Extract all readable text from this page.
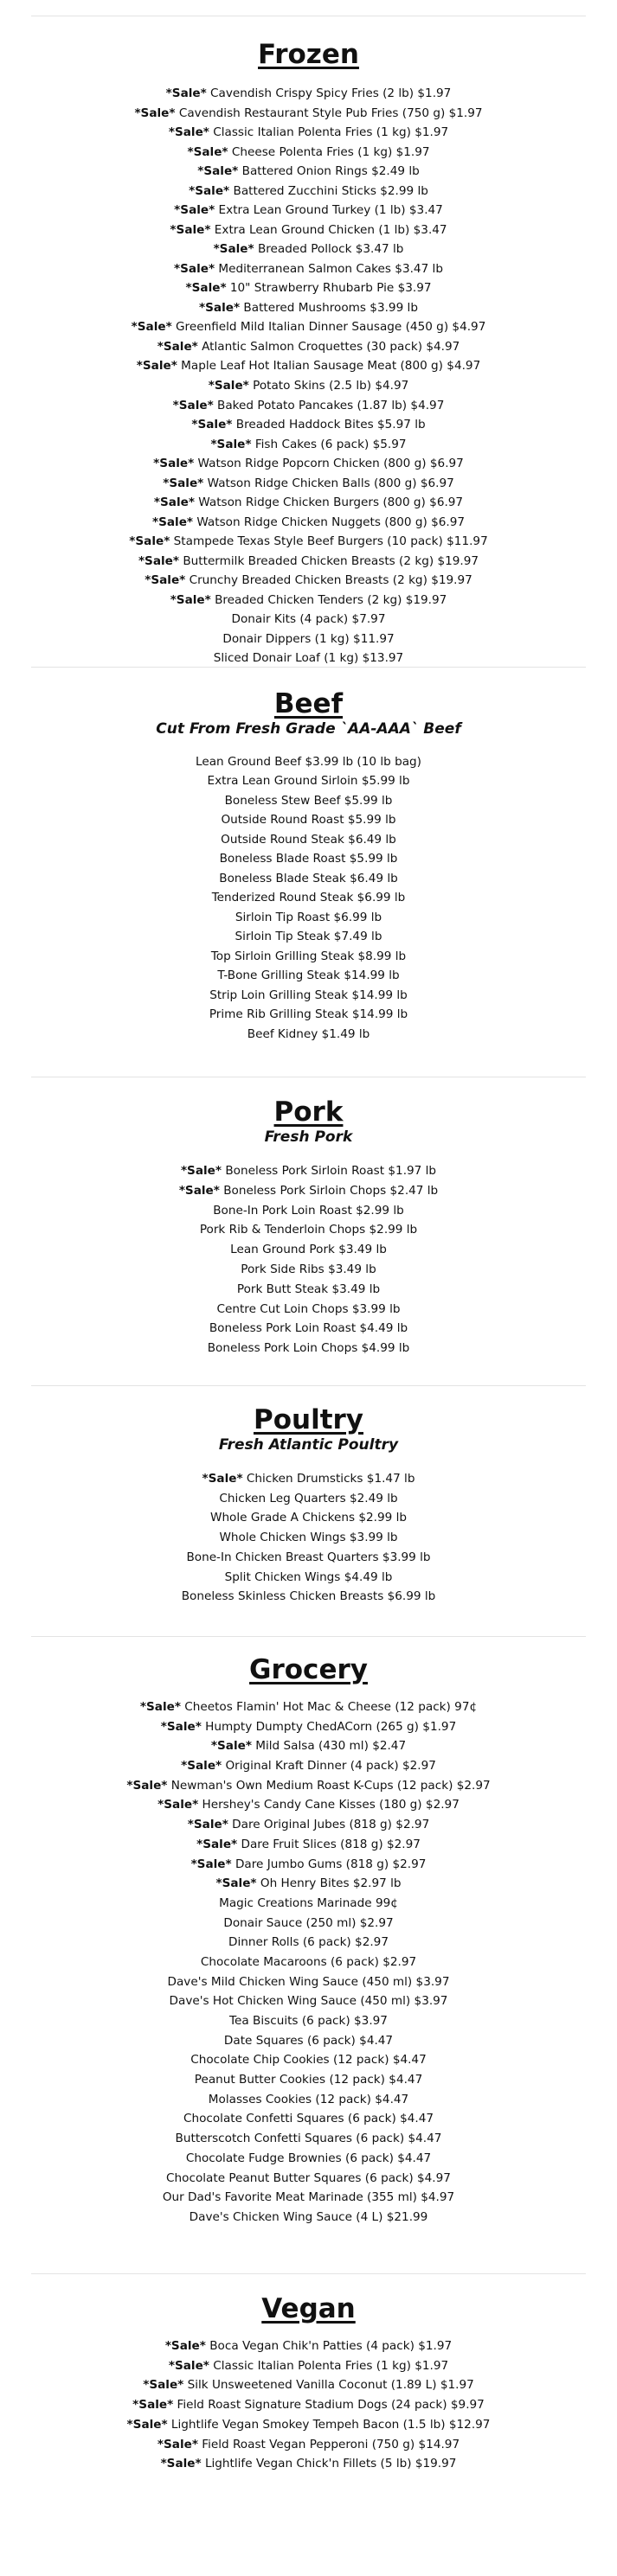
Frozen
*Sale* Cavendish Crispy Spicy Fries (2 lb) $1.97
*Sale* Cavendish Restaurant Style Pub Fries (750 g) $1.97
*Sale* Classic Italian Polenta Fries (1 kg) $1.97
*Sale* Cheese Polenta Fries (1 kg) $1.97
*Sale* Battered Onion Rings $2.49 lb
*Sale* Battered Zucchini Sticks $2.99 lb
*Sale* Extra Lean Ground Turkey (1 lb) $3.47
*Sale* Extra Lean Ground Chicken (1 lb) $3.47
*Sale* Breaded Pollock $3.47 lb
*Sale* Mediterranean Salmon Cakes $3.47 lb
*Sale* 10" Strawberry Rhubarb Pie $3.97
*Sale* Battered Mushrooms $3.99 lb
*Sale* Greenfield Mild Italian Dinner Sausage (450 g) $4.97
*Sale* Atlantic Salmon Croquettes (30 pack) $4.97
*Sale* Maple Leaf Hot Italian Sausage Meat (800 g) $4.97
*Sale* Potato Skins (2.5 lb) $4.97
*Sale* Baked Potato Pancakes (1.87 lb) $4.97
*Sale* Breaded Haddock Bites $5.97 lb
*Sale* Fish Cakes (6 pack) $5.97
*Sale* Watson Ridge Popcorn Chicken (800 g) $6.97
*Sale* Watson Ridge Chicken Balls (800 g) $6.97
*Sale* Watson Ridge Chicken Burgers (800 g) $6.97
*Sale* Watson Ridge Chicken Nuggets (800 g) $6.97
*Sale* Stampede Texas Style Beef Burgers (10 pack) $11.97
*Sale* Buttermilk Breaded Chicken Breasts (2 kg) $19.97
*Sale* Crunchy Breaded Chicken Breasts (2 kg) $19.97
*Sale* Breaded Chicken Tenders (2 kg) $19.97
Donair Kits (4 pack) $7.97
Donair Dippers (1 kg) $11.97
Sliced Donair Loaf (1 kg) $13.97
Beef
Cut From Fresh Grade `AA-AAA` Beef
Lean Ground Beef $3.99 lb (10 lb bag)
Extra Lean Ground Sirloin $5.99 lb
Boneless Stew Beef $5.99 lb
Outside Round Roast $5.99 lb
Outside Round Steak $6.49 lb
Boneless Blade Roast $5.99 lb
Boneless Blade Steak $6.49 lb
Tenderized Round Steak $6.99 lb
Sirloin Tip Roast $6.99 lb
Sirloin Tip Steak $7.49 lb
Top Sirloin Grilling Steak $8.99 lb
T-Bone Grilling Steak $14.99 lb
Strip Loin Grilling Steak $14.99 lb
Prime Rib Grilling Steak $14.99 lb
Beef Kidney $1.49 lb
Pork
Fresh Pork
*Sale* Boneless Pork Sirloin Roast $1.97 lb
*Sale* Boneless Pork Sirloin Chops $2.47 lb
Bone-In Pork Loin Roast $2.99 lb
Pork Rib & Tenderloin Chops $2.99 lb
Lean Ground Pork $3.49 lb
Pork Side Ribs $3.49 lb
Pork Butt Steak $3.49 lb
Centre Cut Loin Chops $3.99 lb
Boneless Pork Loin Roast $4.49 lb
Boneless Pork Loin Chops $4.99 lb
Poultry
Fresh Atlantic Poultry
*Sale* Chicken Drumsticks $1.47 lb
Chicken Leg Quarters $2.49 lb
Whole Grade A Chickens $2.99 lb
Whole Chicken Wings $3.99 lb
Bone-In Chicken Breast Quarters $3.99 lb
Split Chicken Wings $4.49 lb
Boneless Skinless Chicken Breasts $6.99 lb
Grocery
*Sale* Cheetos Flamin' Hot Mac & Cheese (12 pack) 97¢
*Sale* Humpty Dumpty ChedACorn (265 g) $1.97
*Sale* Mild Salsa (430 ml) $2.47
*Sale* Original Kraft Dinner (4 pack) $2.97
*Sale* Newman's Own Medium Roast K-Cups (12 pack) $2.97
*Sale* Hershey's Candy Cane Kisses (180 g) $2.97
*Sale* Dare Original Jubes (818 g) $2.97
*Sale* Dare Fruit Slices (818 g) $2.97
*Sale* Dare Jumbo Gums (818 g) $2.97
*Sale* Oh Henry Bites $2.97 lb
Magic Creations Marinade 99¢
Donair Sauce (250 ml) $2.97
Dinner Rolls (6 pack) $2.97
Chocolate Macaroons (6 pack) $2.97
Dave's Mild Chicken Wing Sauce (450 ml) $3.97
Dave's Hot Chicken Wing Sauce (450 ml) $3.97
Tea Biscuits (6 pack) $3.97
Date Squares (6 pack) $4.47
Chocolate Chip Cookies (12 pack) $4.47
Peanut Butter Cookies (12 pack) $4.47
Molasses Cookies (12 pack) $4.47
Chocolate Confetti Squares (6 pack) $4.47
Butterscotch Confetti Squares (6 pack) $4.47
Chocolate Fudge Brownies (6 pack) $4.47
Chocolate Peanut Butter Squares (6 pack) $4.97
Our Dad's Favorite Meat Marinade (355 ml) $4.97
Dave's Chicken Wing Sauce (4 L) $21.99
Vegan
*Sale* Boca Vegan Chik'n Patties (4 pack) $1.97
*Sale* Classic Italian Polenta Fries (1 kg) $1.97
*Sale* Silk Unsweetened Vanilla Coconut (1.89 L) $1.97
*Sale* Field Roast Signature Stadium Dogs (24 pack) $9.97
*Sale* Lightlife Vegan Smokey Tempeh Bacon (1.5 lb) $12.97
*Sale* Field Roast Vegan Pepperoni (750 g) $14.97
*Sale* Lightlife Vegan Chick'n Fillets (5 lb) $19.97
